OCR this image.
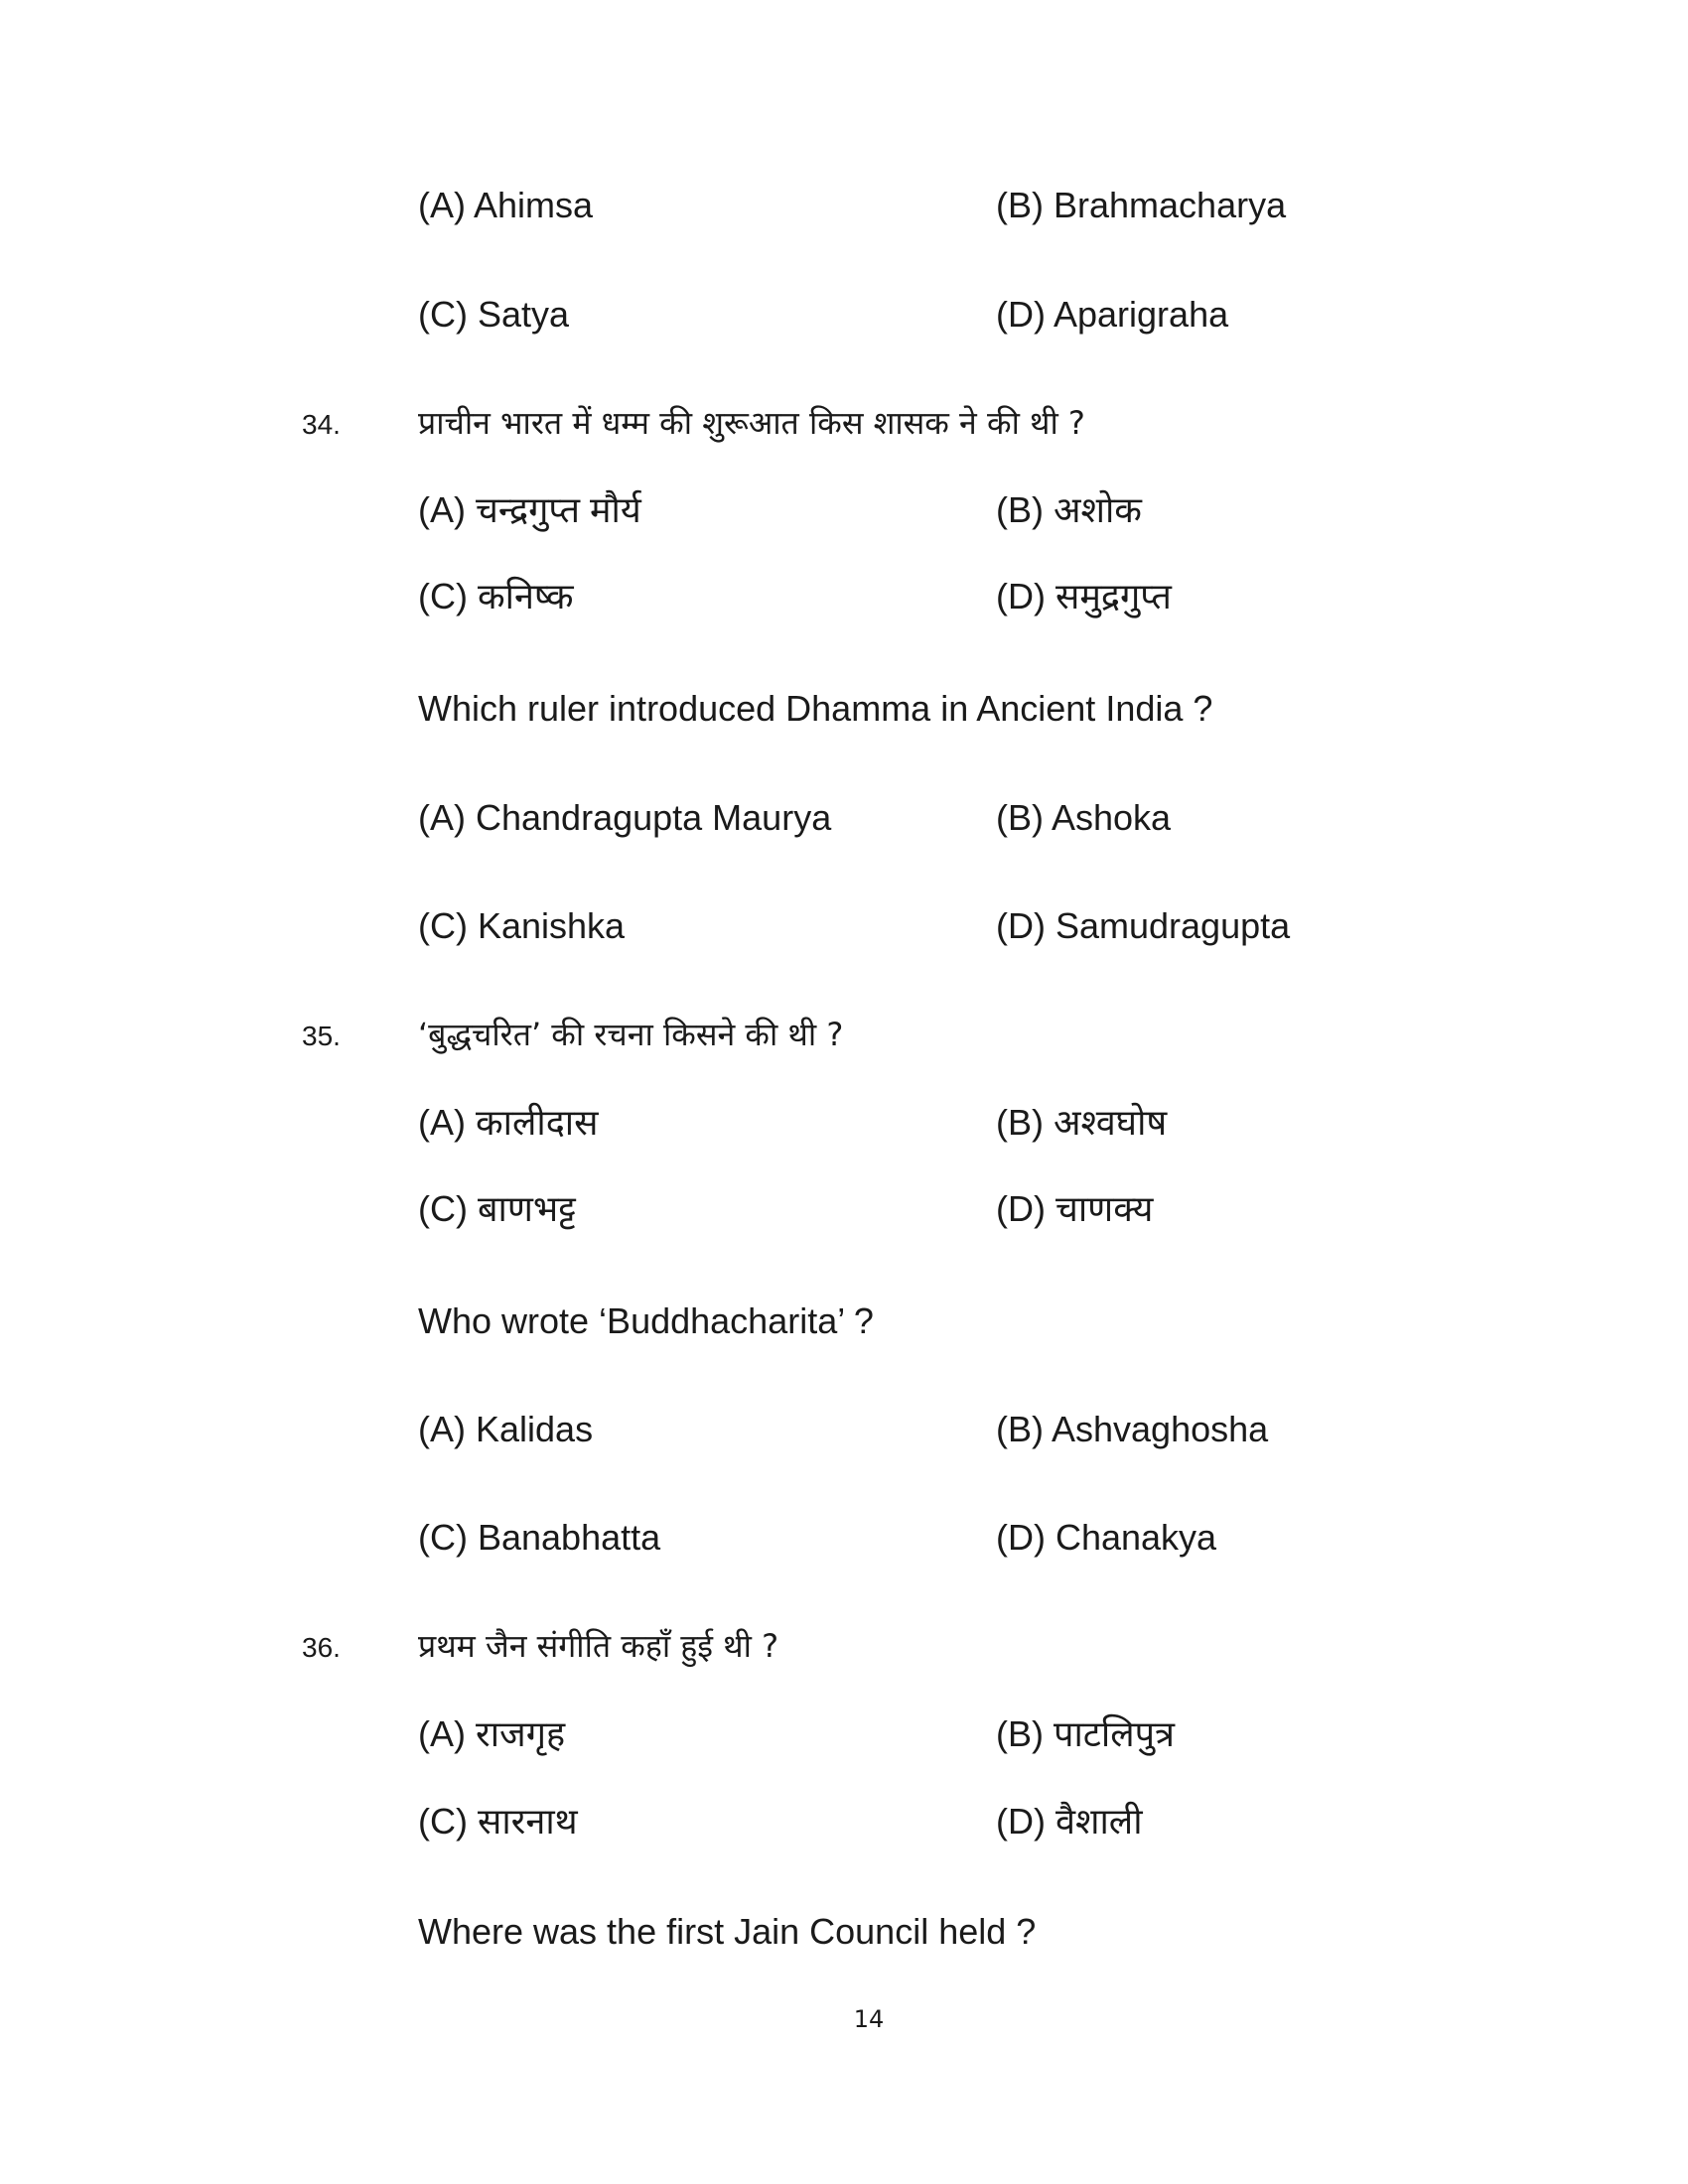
(A) Ahimsa	(B) Brahmacharya
(C) Satya	(D) Aparigraha
34. प्राचीन भारत में धम्म की शुरूआत किस शासक ने की थी ?
(A) चन्द्रगुप्त मौर्य	(B) अशोक
(C) कनिष्क	(D) समुद्रगुप्त
Which ruler introduced Dhamma in Ancient India ?
(A) Chandragupta Maurya	(B) Ashoka
(C) Kanishka	(D) Samudragupta
35. ‘बुद्धचरित’ की रचना किसने की थी ?
(A) कालीदास	(B) अश्वघोष
(C) बाणभट्ट	(D) चाणक्य
Who wrote ‘Buddhacharita’ ?
(A) Kalidas	(B) Ashvaghosha
(C) Banabhatta	(D) Chanakya
36. प्रथम जैन संगीति कहाँ हुई थी ?
(A) राजगृह	(B) पाटलिपुत्र
(C) सारनाथ	(D) वैशाली
Where was the first Jain Council held ?
14
